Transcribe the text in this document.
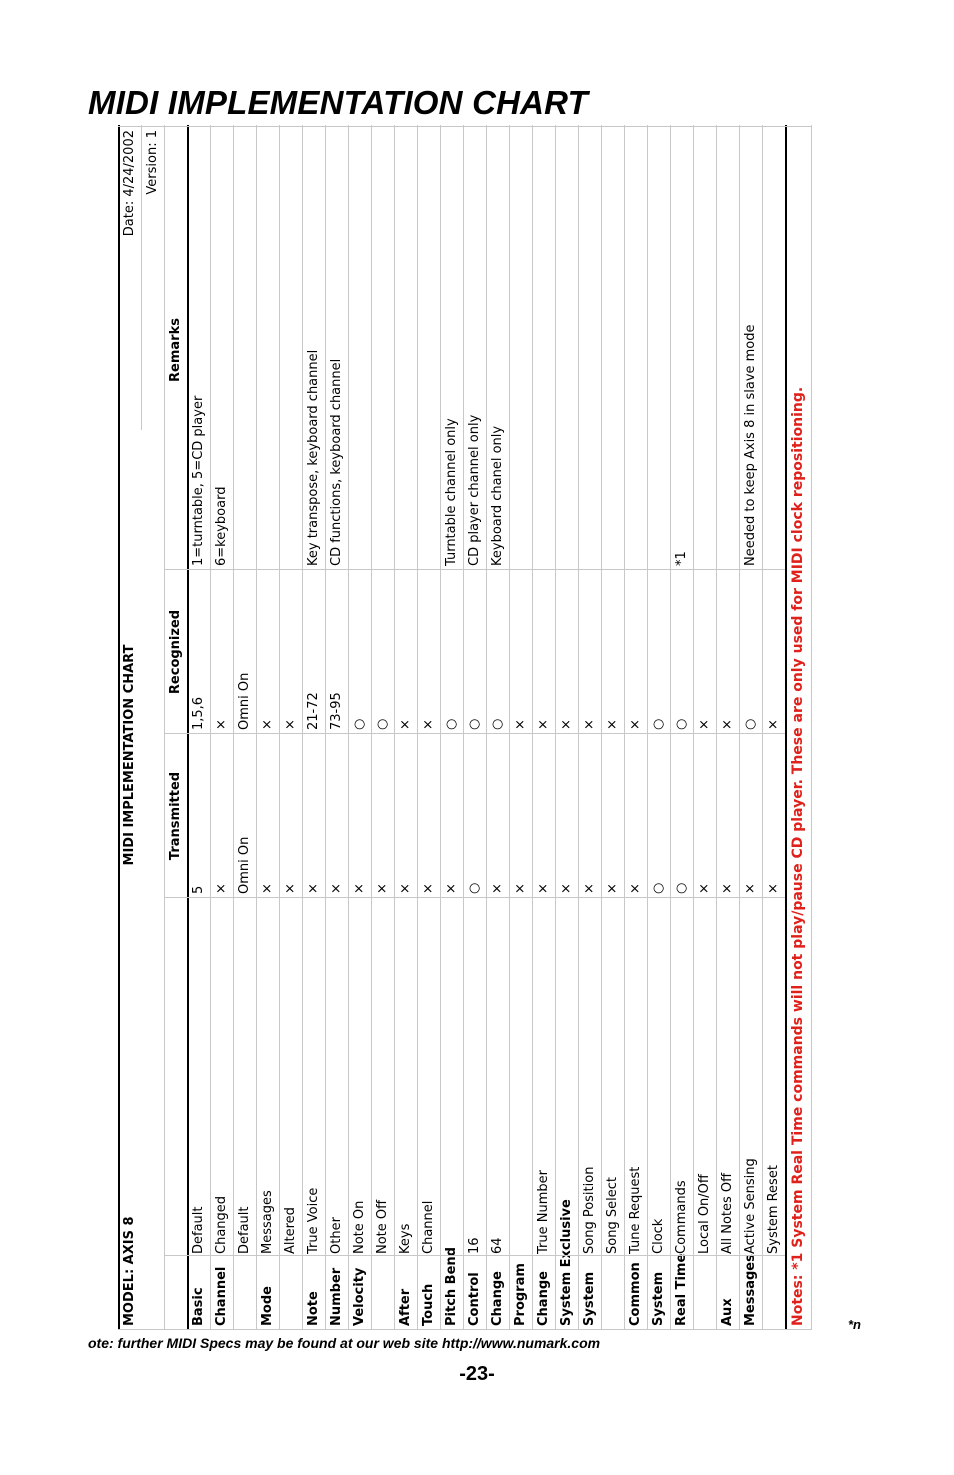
MIDI IMPLEMENTATION CHART
MODEL: AXIS 8
MIDI IMPLEMENTATION CHART
Date: 4/24/2002 Version: 1
Transmitted
Recognized
Remarks
Basic
Default
5
1,5,6
1=turntable, 5=CD player
Channel
Changed
×
×
6=keyboard
Default
Omni On
Omni On
Mode
Messages
×
×
Altered
×
×
Note
True Voice
×
21-72
Key transpose, keyboard channel
Number
Other
×
73-95
CD functions, keyboard channel
Velocity
Note On
×
○
Note Off
×
○
After
Keys
×
×
Touch
Channel
×
×
Pitch Bend
×
○
Turntable channel only
Control
16
○
○
CD player channel only
Change
64
×
○
Keyboard chanel only
Program
×
×
Change
True Number
×
×
System Exclusive
×
×
System
Song Position
×
×
Song Select
×
×
Common
Tune Request
×
×
System
Clock
○
○
Real Time
Commands
○
○
*1
Local On/Off
×
×
Aux
All Notes Off
×
×
Messages
Active Sensing
×
○
Needed to keep Axis 8 in slave mode
System Reset
×
× Notes: *1 System Real Time commands will not play/pause CD player. These are only used for MIDI clock repositioning.	*n
ote: further MIDI Specs may be found at our web site http://www.numark.com
-23-
